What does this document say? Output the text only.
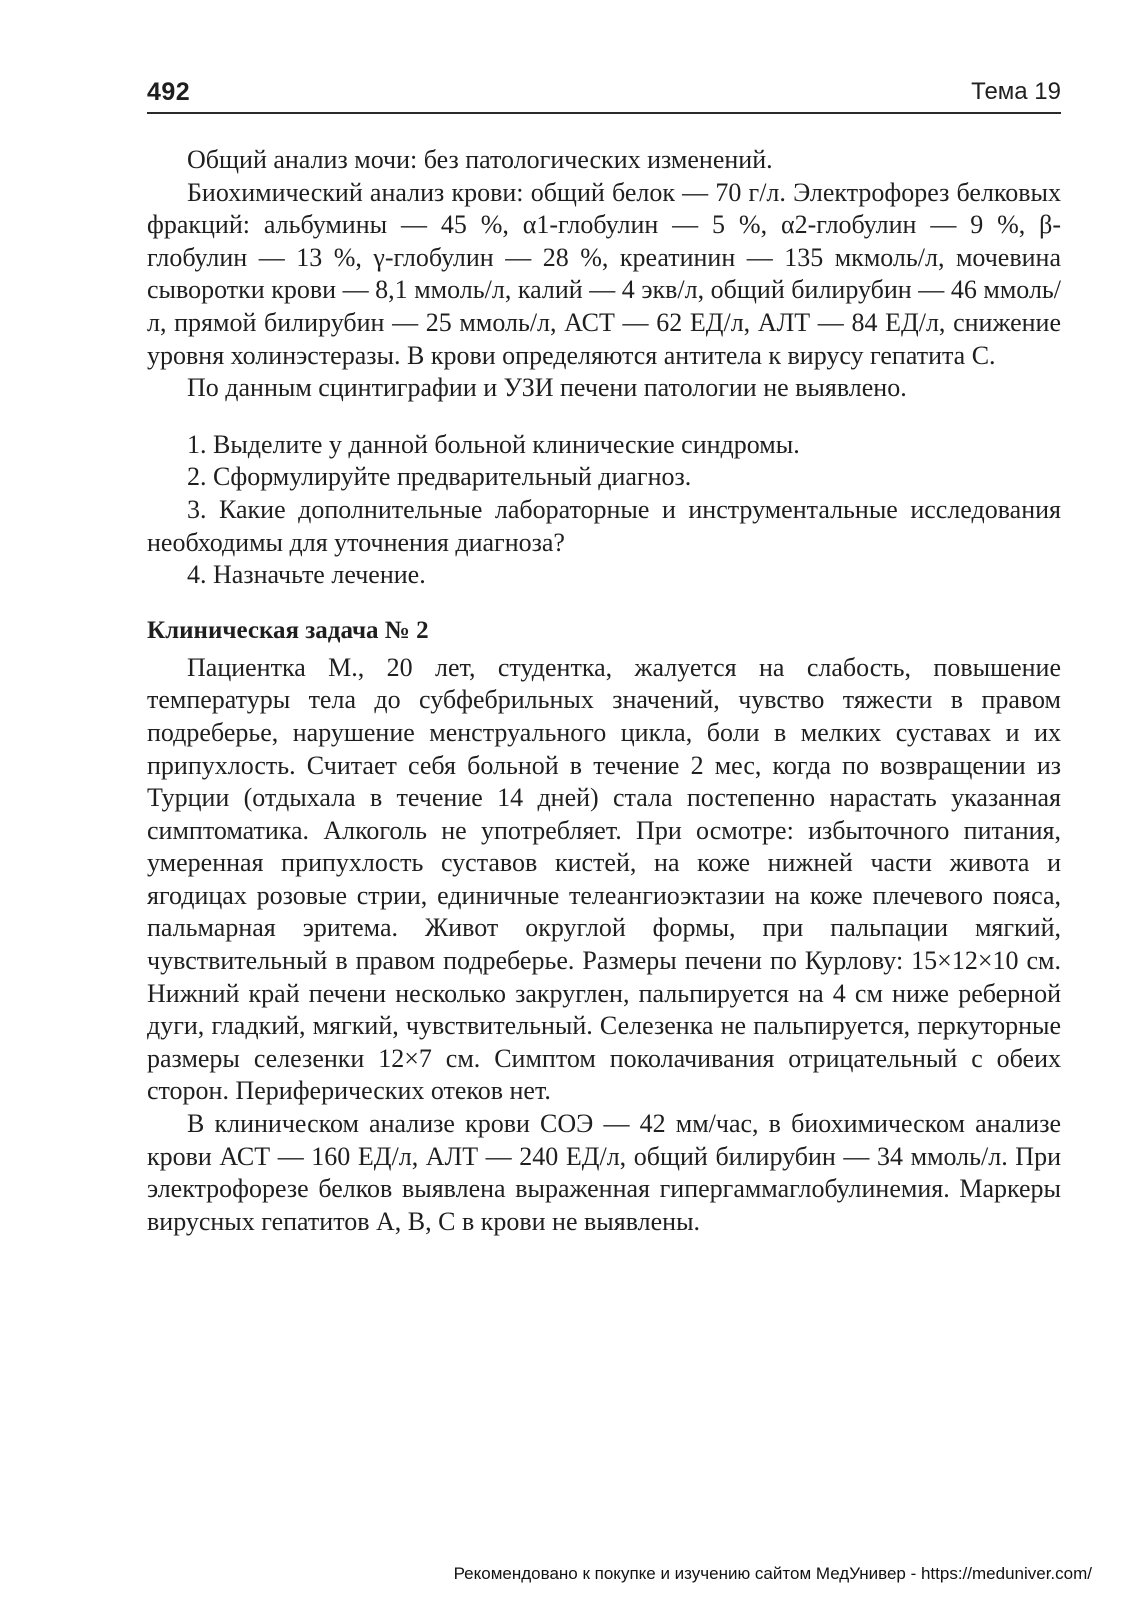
492	Тема 19

Общий анализ мочи: без патологических изменений.

Биохимический анализ крови: общий белок — 70 г/л. Электрофорез белковых фракций: альбумины — 45 %, α1-глобулин — 5 %, α2-глобулин — 9 %, β-глобулин — 13 %, γ-глобулин — 28 %, креатинин — 135 мкмоль/л, мочевина сыворотки крови — 8,1 ммоль/л, калий — 4 экв/л, общий билирубин — 46 ммоль/л, прямой билирубин — 25 ммоль/л, АСТ — 62 ЕД/л, АЛТ — 84 ЕД/л, снижение уровня холинэстеразы. В крови определяются антитела к вирусу гепатита С.

По данным сцинтиграфии и УЗИ печени патологии не выявлено.

1. Выделите у данной больной клинические синдромы.

2. Сформулируйте предварительный диагноз.

3. Какие дополнительные лабораторные и инструментальные исследования необходимы для уточнения диагноза?

4. Назначьте лечение.

Клиническая задача № 2

Пациентка М., 20 лет, студентка, жалуется на слабость, повышение температуры тела до субфебрильных значений, чувство тяжести в правом подреберье, нарушение менструального цикла, боли в мелких суставах и их припухлость. Считает себя больной в течение 2 мес, когда по возвращении из Турции (отдыхала в течение 14 дней) стала постепенно нарастать указанная симптоматика. Алкоголь не употребляет. При осмотре: избыточного питания, умеренная припухлость суставов кистей, на коже нижней части живота и ягодицах розовые стрии, единичные телеангиоэктазии на коже плечевого пояса, пальмарная эритема. Живот округлой формы, при пальпации мягкий, чувствительный в правом подреберье. Размеры печени по Курлову: 15×12×10 см. Нижний край печени несколько закруглен, пальпируется на 4 см ниже реберной дуги, гладкий, мягкий, чувствительный. Селезенка не пальпируется, перкуторные размеры селезенки 12×7 см. Симптом поколачивания отрицательный с обеих сторон. Периферических отеков нет.

В клиническом анализе крови СОЭ — 42 мм/час, в биохимическом анализе крови АСТ — 160 ЕД/л, АЛТ — 240 ЕД/л, общий билирубин — 34 ммоль/л. При электрофорезе белков выявлена выраженная гипергаммаглобулинемия. Маркеры вирусных гепатитов А, В, С в крови не выявлены.

Рекомендовано к покупке и изучению сайтом МедУнивер - https://meduniver.com/
